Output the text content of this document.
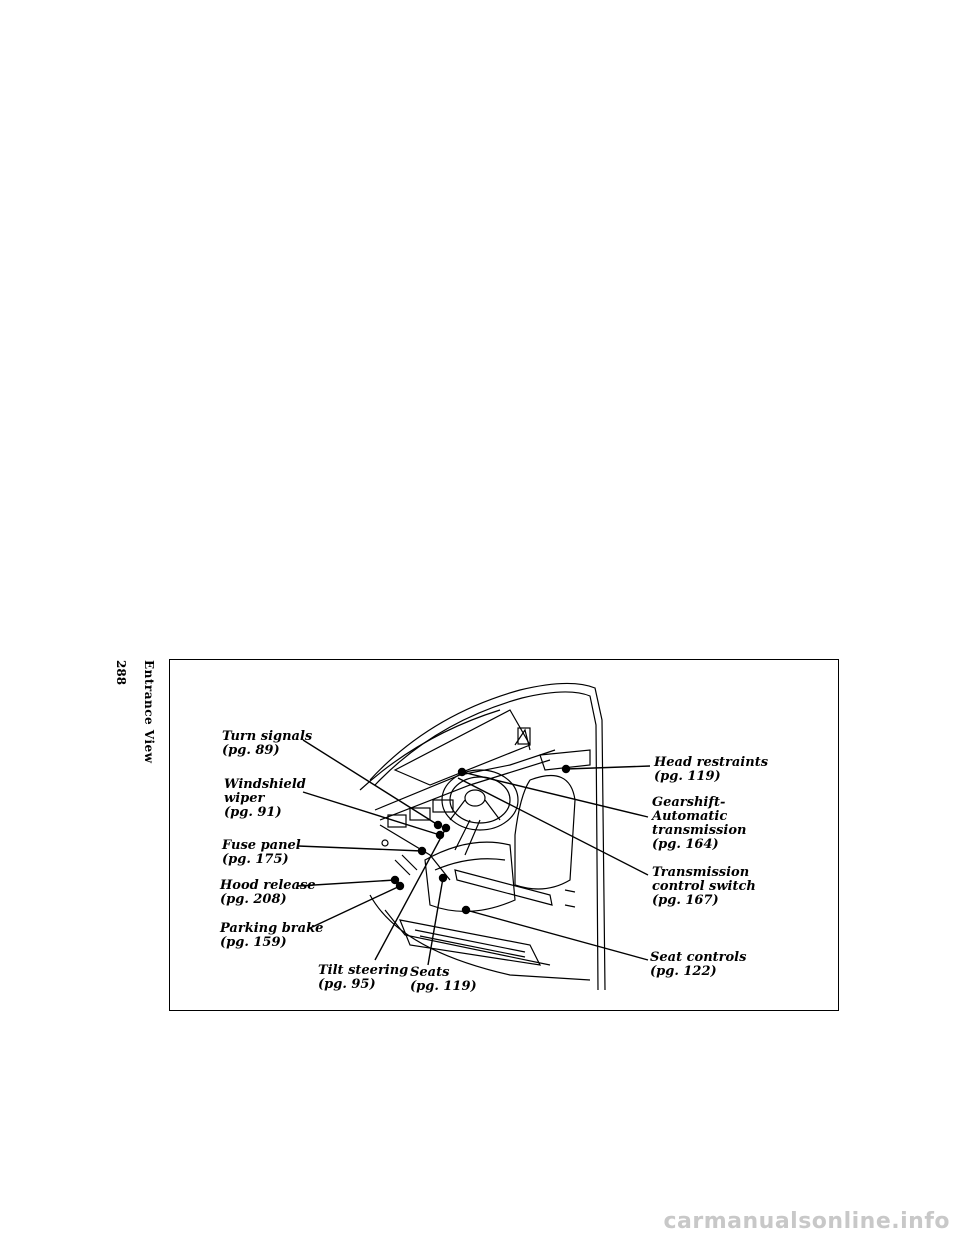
288 Entrance View	Turn signals
(pg. 89)
Windshield
wiper
(pg. 91)
Fuse panel
(pg. 175)
Hood release
(pg. 208)
Parking brake
(pg. 159)
Tilt steering
(pg. 95)
Seats
(pg. 119)
Head restraints
(pg. 119)
Gearshift-
Automatic
transmission
(pg. 164)
Transmission
control switch
(pg. 167)
Seat controls
(pg. 122)
carmanualsonline.info
